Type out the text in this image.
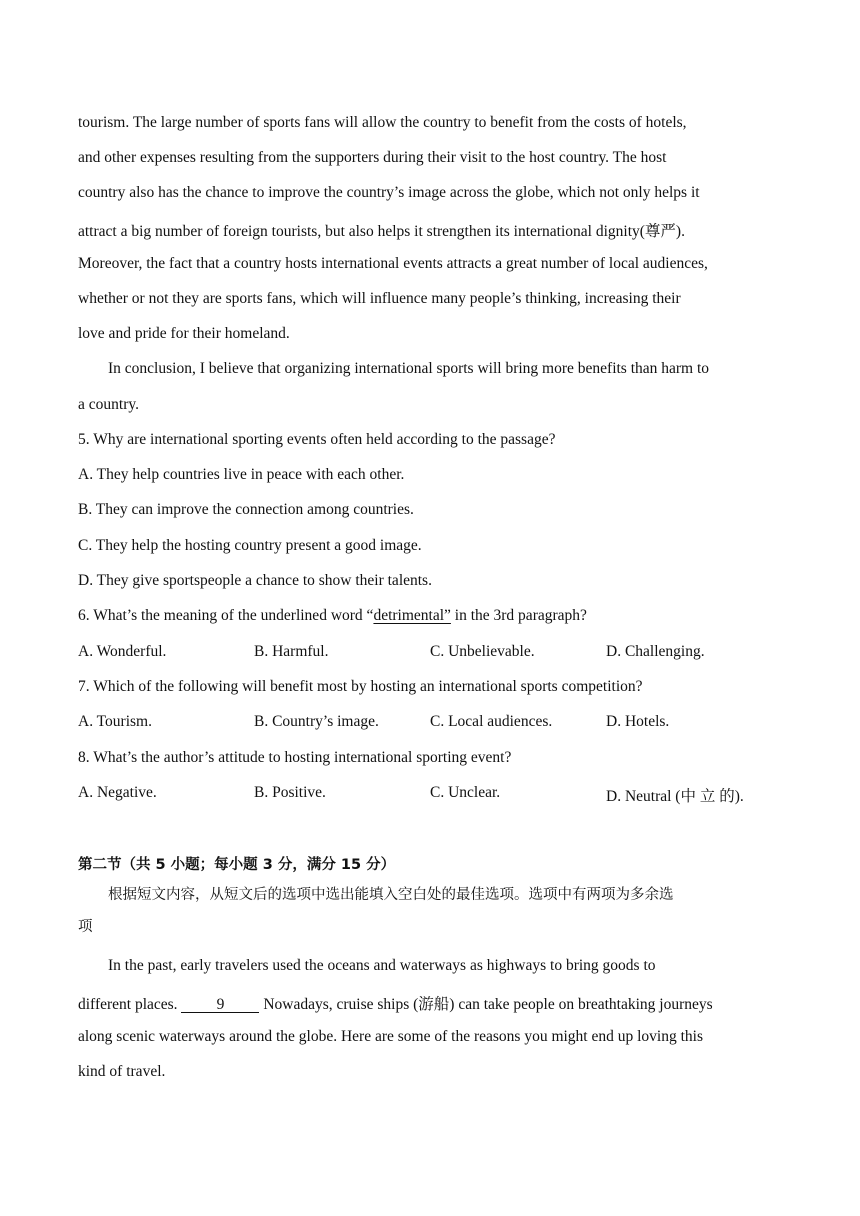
tourism. The large number of sports fans will allow the country to benefit from the costs of hotels,
and other expenses resulting from the supporters during their visit to the host country. The host
country also has the chance to improve the country’s image across the globe, which not only helps it
attract a big number of foreign tourists, but also helps it strengthen its international dignity(尊严).
Moreover, the fact that a country hosts international events attracts a great number of local audiences,
whether or not they are sports fans, which will influence many people’s thinking, increasing their
love and pride for their homeland.
In conclusion, I believe that organizing international sports will bring more benefits than harm to
a country.
5. Why are international sporting events often held according to the passage?
A. They help countries live in peace with each other.
B. They can improve the connection among countries.
C. They help the hosting country present a good image.
D. They give sportspeople a chance to show their talents.
6. What’s the meaning of the underlined word “detrimental” in the 3rd paragraph?
A. Wonderful.	B. Harmful.	C. Unbelievable.	D. Challenging.
7. Which of the following will benefit most by hosting an international sports competition?
A. Tourism.	B. Country’s image.	C. Local audiences.	D. Hotels.
8. What’s the author’s attitude to hosting international sporting event?
A. Negative.	B. Positive.	C. Unclear.	D. Neutral (中 立 的).
第二节（共 5 小题；每小题 3 分，满分 15 分）
根据短文内容，从短文后的选项中选出能填入空白处的最佳选项。选项中有两项为多余选
项
In the past, early travelers used the oceans and waterways as highways to bring goods to
different places.	9	Nowadays, cruise ships (游船) can take people on breathtaking journeys
along scenic waterways around the globe. Here are some of the reasons you might end up loving this
kind of travel.
